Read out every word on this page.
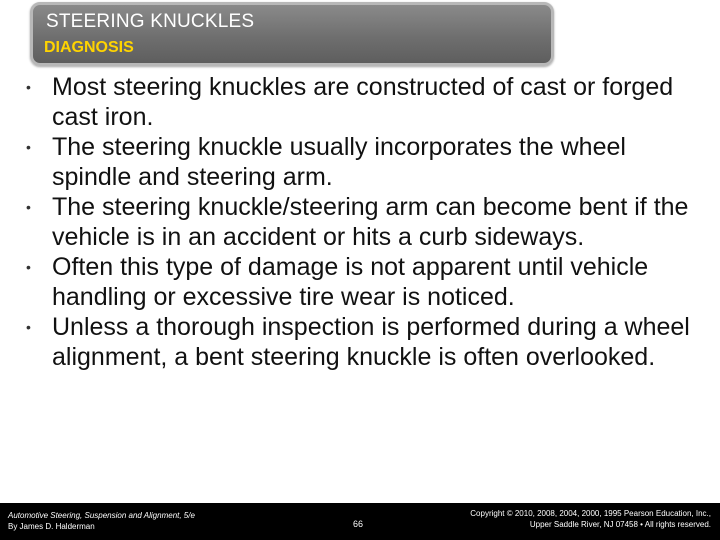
STEERING KNUCKLES
DIAGNOSIS
• Most steering knuckles are constructed of cast or forged cast iron.
• The steering knuckle usually incorporates the wheel spindle and steering arm.
• The steering knuckle/steering arm can become bent if the vehicle is in an accident or hits a curb sideways.
• Often this type of damage is not apparent until vehicle handling or excessive tire wear is noticed.
• Unless a thorough inspection is performed during a wheel alignment, a bent steering knuckle is often overlooked.
Automotive Steering, Suspension and Alignment, 5/e
By James D. Halderman	66
Copyright © 2010, 2008, 2004, 2000, 1995 Pearson Education, Inc.,
Upper Saddle River, NJ 07458 • All rights reserved.
